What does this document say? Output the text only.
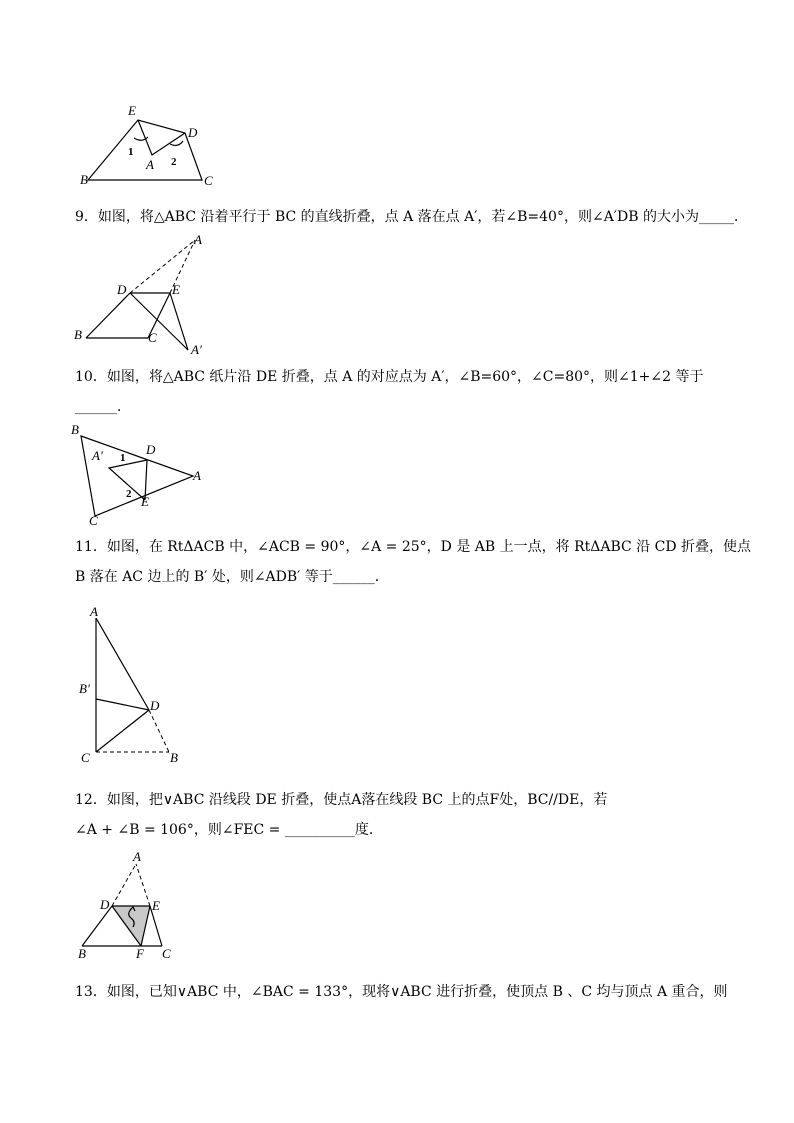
E
D
B	C
A
1
2
9．如图，将△ABC 沿着平行于 BC 的直线折叠，点 A 落在点 A′，若∠B=40°，则∠A′DB 的大小为_____．
A
D	E
B	C
A′
10．如图，将△ABC 纸片沿 DE 折叠，点 A 的对应点为 A′，∠B=60°，∠C=80°，则∠1+∠2 等于
______．
B
A′ 1
D
A
2 E
C
11．如图，在 RtΔACB 中，∠ACB = 90°，∠A = 25°，D 是 AB 上一点，将 RtΔABC 沿 CD 折叠，使点
B 落在 AC 边上的 B′ 处，则∠ADB′ 等于______．
A
B′
D
C	B
12．如图，把∨ABC 沿线段 DE 折叠，使点A落在线段 BC 上的点F处，BC//DE，若
∠A + ∠B = 106°，则∠FEC = __________度．
A
D	E
B	F C
13．如图，已知∨ABC 中，∠BAC = 133°，现将∨ABC 进行折叠，使顶点 B 、C 均与顶点 A 重合，则
